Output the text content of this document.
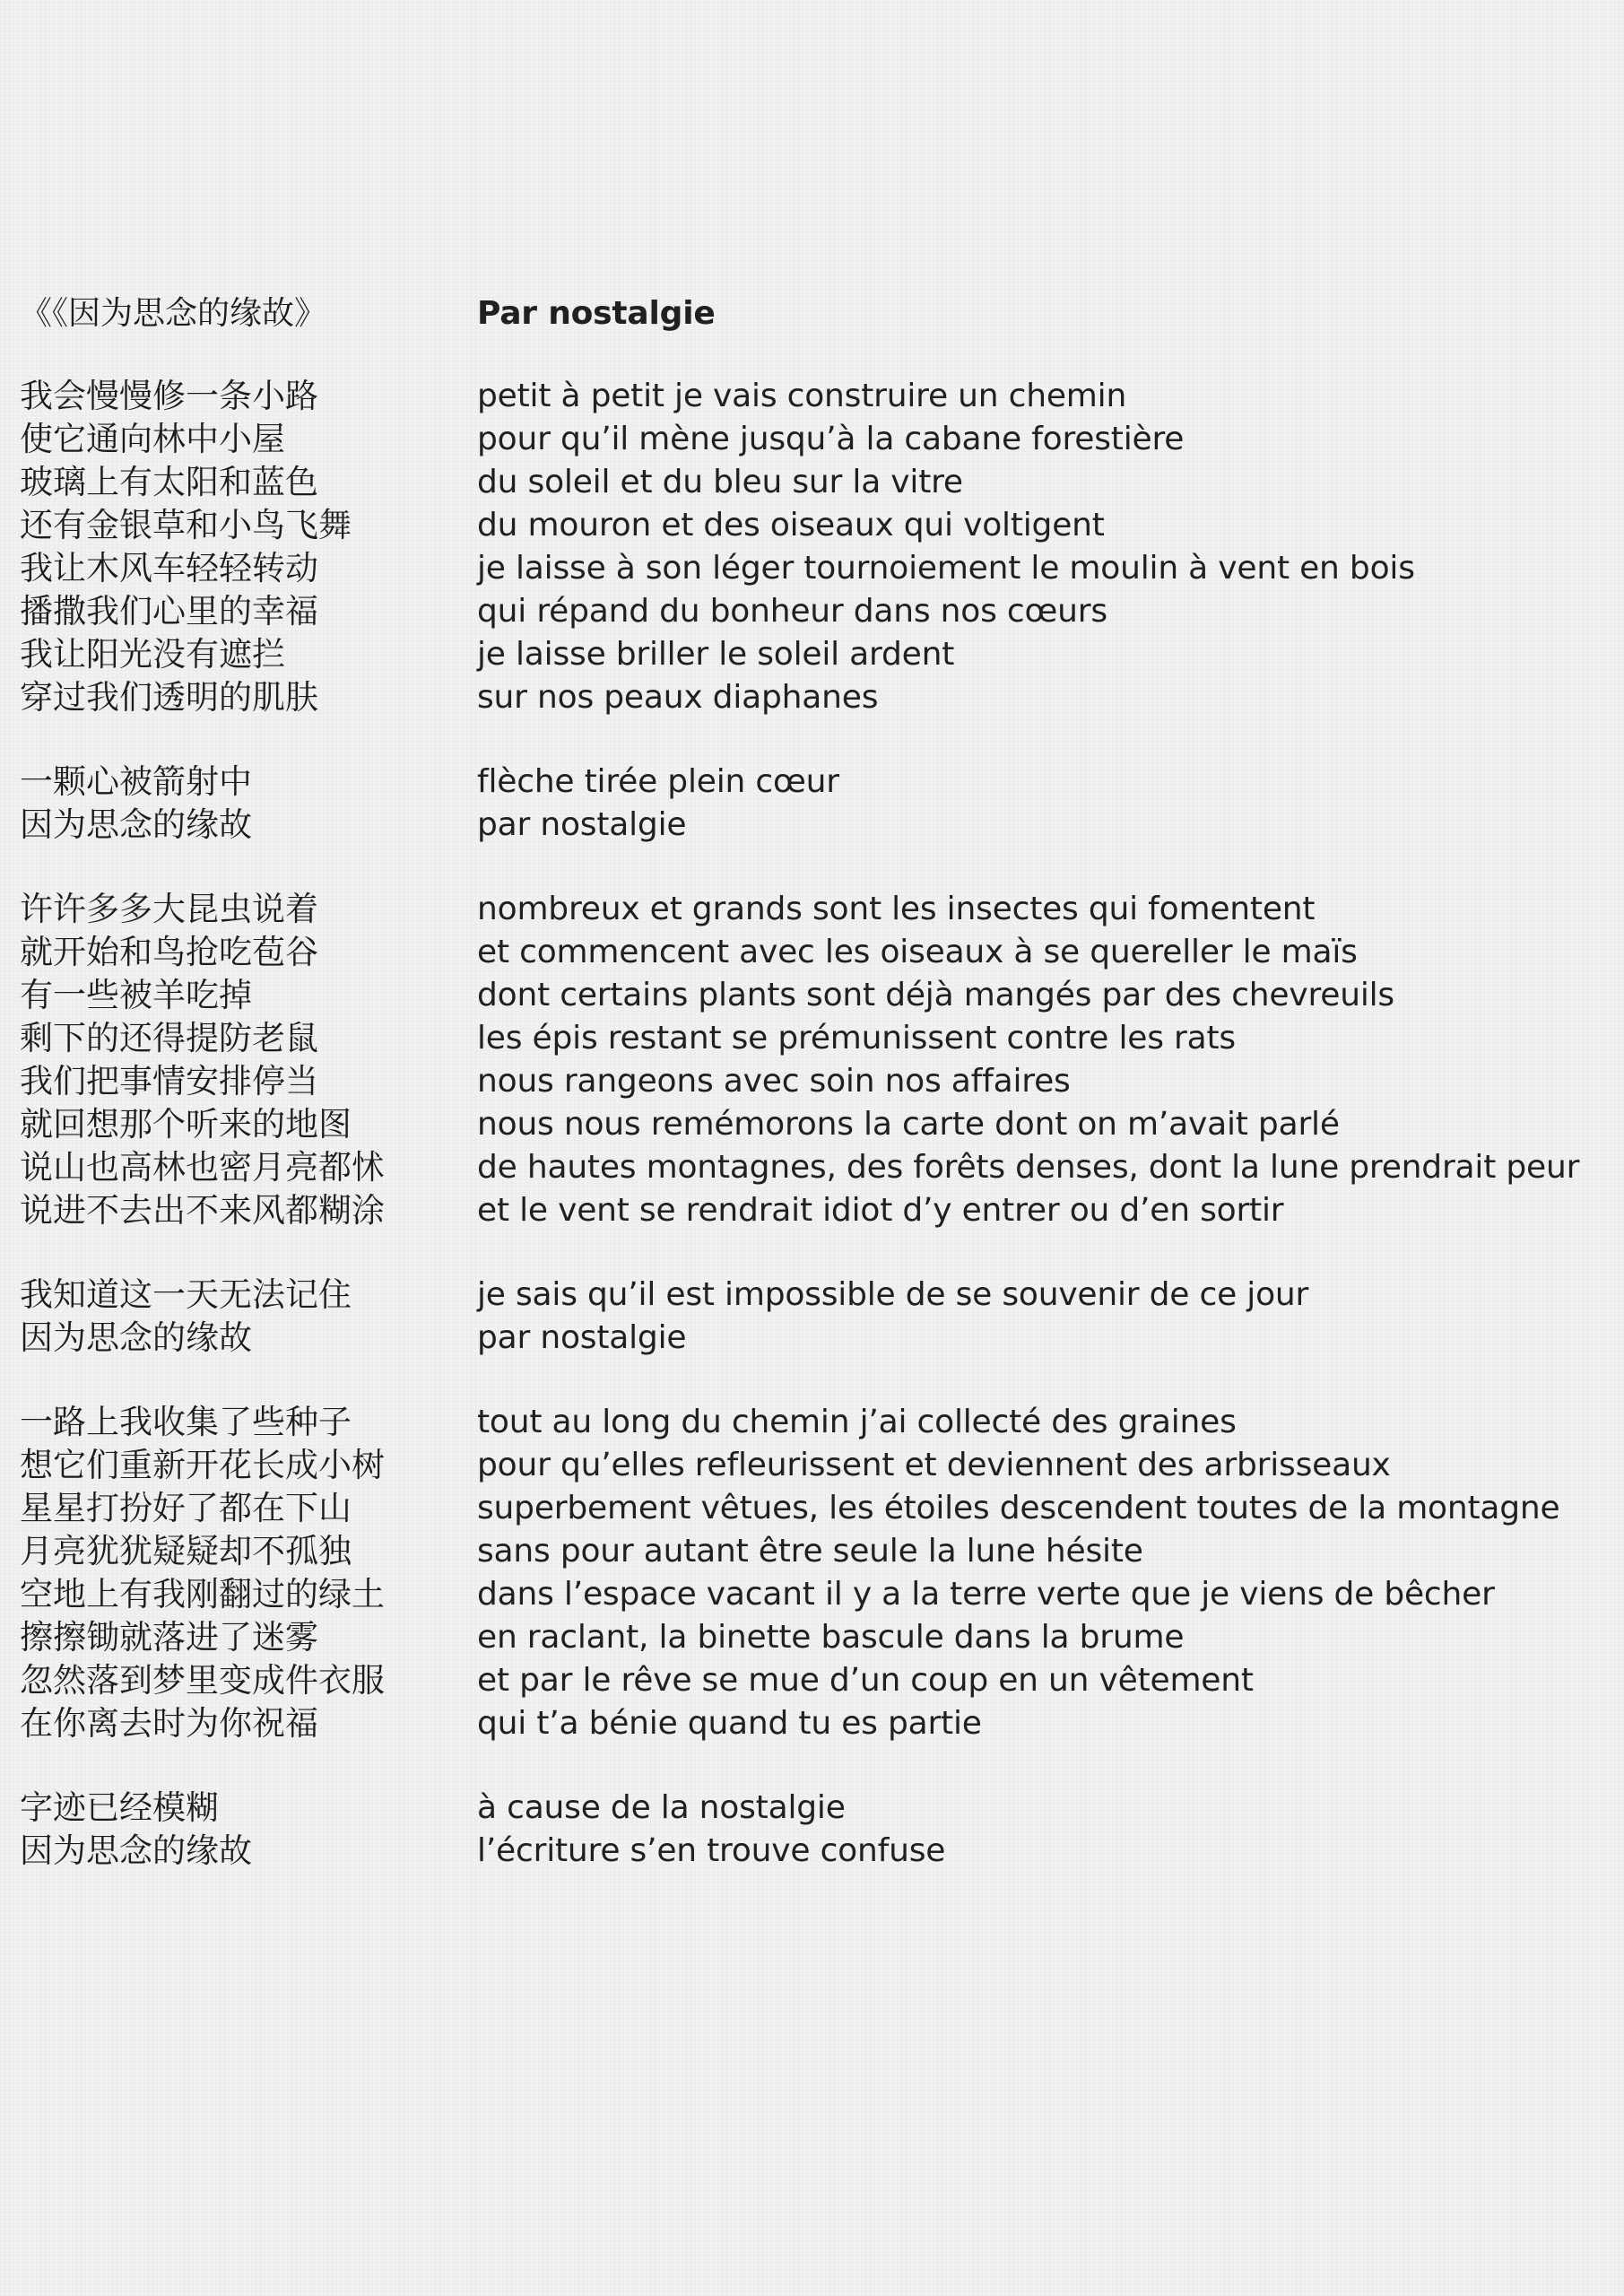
《《因为思念的缘故》
我会慢慢修一条小路
使它通向林中小屋
玻璃上有太阳和蓝色
还有金银草和小鸟飞舞
我让木风车轻轻转动
播撒我们心里的幸福
我让阳光没有遮拦
穿过我们透明的肌肤
一颗心被箭射中
因为思念的缘故
许许多多大昆虫说着
就开始和鸟抢吃苞谷
有一些被羊吃掉
剩下的还得提防老鼠
我们把事情安排停当
就回想那个听来的地图
说山也高林也密月亮都怵
说进不去出不来风都糊涂
我知道这一天无法记住
因为思念的缘故
一路上我收集了些种子
想它们重新开花长成小树
星星打扮好了都在下山
月亮犹犹疑疑却不孤独
空地上有我刚翻过的绿土
擦擦锄就落进了迷雾
忽然落到梦里变成件衣服
在你离去时为你祝福
字迹已经模糊
因为思念的缘故
Par nostalgie
petit à petit je vais construire un chemin
pour qu’il mène jusqu’à la cabane forestière
du soleil et du bleu sur la vitre
du mouron et des oiseaux qui voltigent
je laisse à son léger tournoiement le moulin à vent en bois
qui répand du bonheur dans nos cœurs
je laisse briller le soleil ardent
sur nos peaux diaphanes
flèche tirée plein cœur
par nostalgie
nombreux et grands sont les insectes qui fomentent
et commencent avec les oiseaux à se quereller le maïs
dont certains plants sont déjà mangés par des chevreuils
les épis restant se prémunissent contre les rats
nous rangeons avec soin nos affaires
nous nous remémorons la carte dont on m’avait parlé
de hautes montagnes, des forêts denses, dont la lune prendrait peur
et le vent se rendrait idiot d’y entrer ou d’en sortir
je sais qu’il est impossible de se souvenir de ce jour
par nostalgie
tout au long du chemin j’ai collecté des graines
pour qu’elles refleurissent et deviennent des arbrisseaux
superbement vêtues, les étoiles descendent toutes de la montagne
sans pour autant être seule la lune hésite
dans l’espace vacant il y a la terre verte que je viens de bêcher
en raclant, la binette bascule dans la brume
et par le rêve se mue d’un coup en un vêtement
qui t’a bénie quand tu es partie
à cause de la nostalgie
l’écriture s’en trouve confuse
